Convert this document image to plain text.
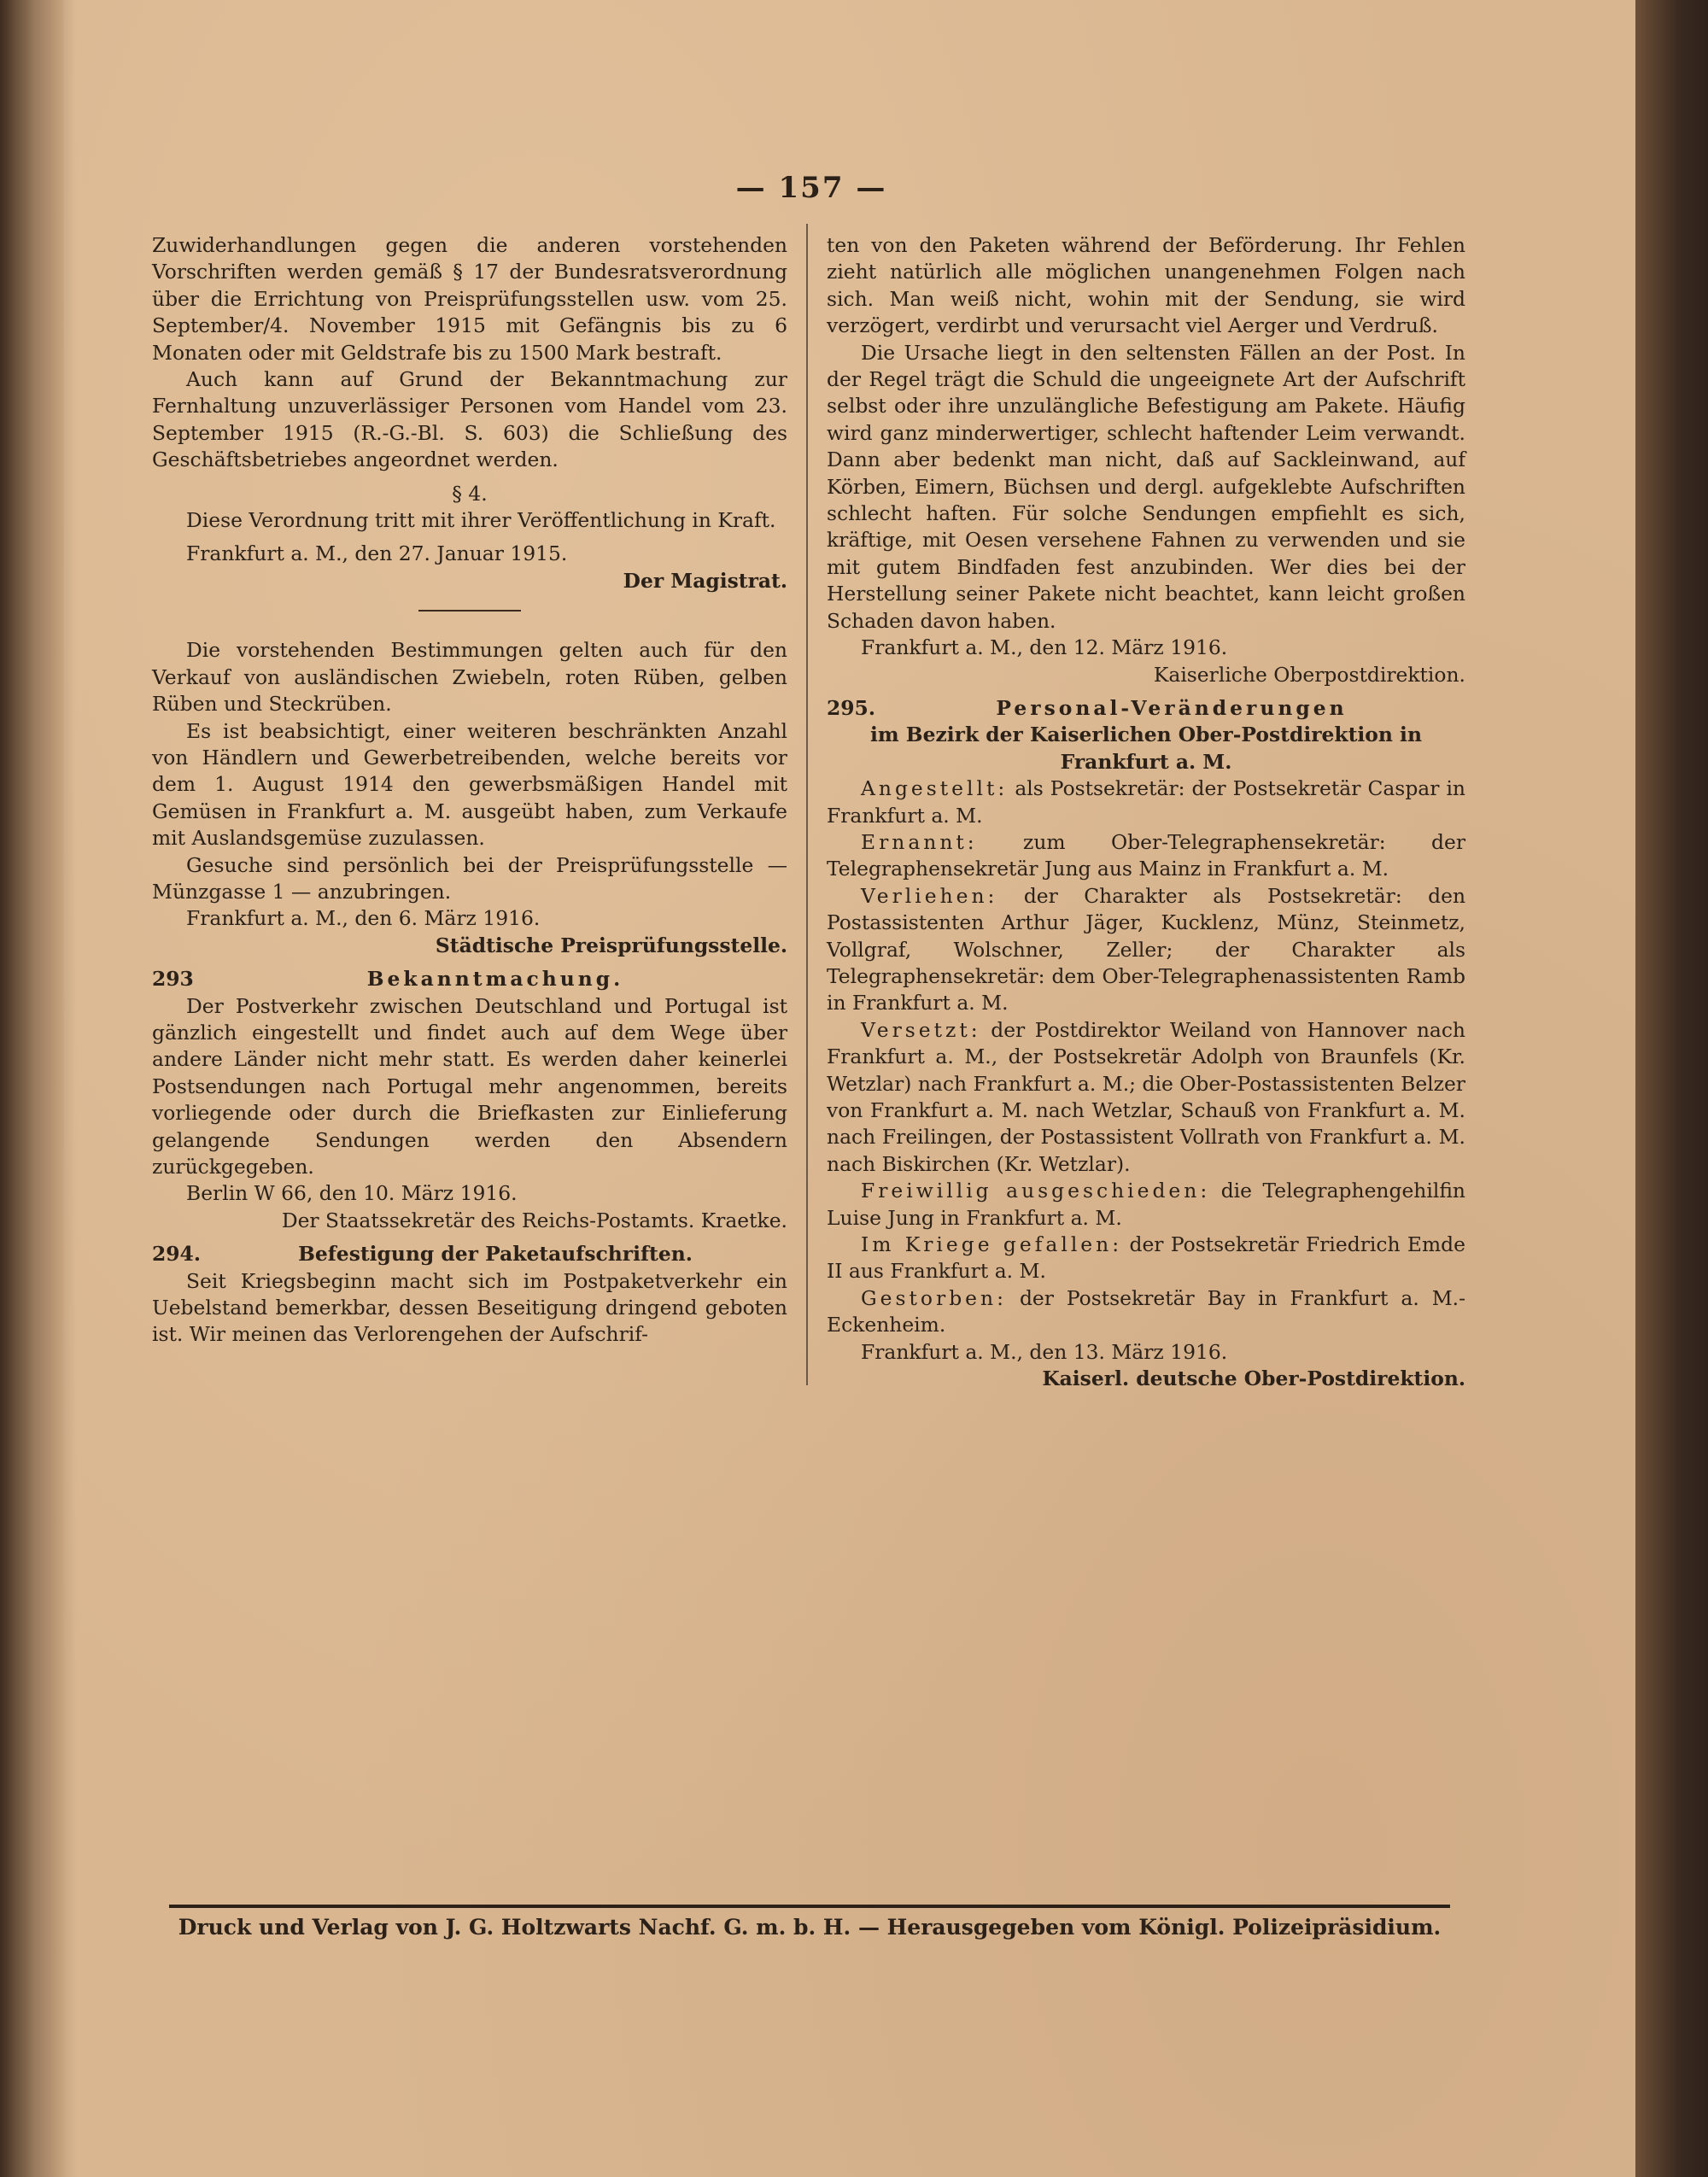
— 157 —

Zuwiderhandlungen gegen die anderen vorstehenden Vorschriften werden gemäß § 17 der Bundesratsverordnung über die Errichtung von Preisprüfungsstellen usw. vom 25. September/4. November 1915 mit Gefängnis bis zu 6 Monaten oder mit Geldstrafe bis zu 1500 Mark bestraft.

Auch kann auf Grund der Bekanntmachung zur Fernhaltung unzuverlässiger Personen vom Handel vom 23. September 1915 (R.-G.-Bl. S. 603) die Schließung des Geschäftsbetriebes angeordnet werden.

§ 4.

Diese Verordnung tritt mit ihrer Veröffentlichung in Kraft.

Frankfurt a. M., den 27. Januar 1915.

Der Magistrat.

Die vorstehenden Bestimmungen gelten auch für den Verkauf von ausländischen Zwiebeln, roten Rüben, gelben Rüben und Steckrüben.

Es ist beabsichtigt, einer weiteren beschränkten Anzahl von Händlern und Gewerbetreibenden, welche bereits vor dem 1. August 1914 den gewerbsmäßigen Handel mit Gemüsen in Frankfurt a. M. ausgeübt haben, zum Verkaufe mit Auslandsgemüse zuzulassen.

Gesuche sind persönlich bei der Preisprüfungsstelle — Münzgasse 1 — anzubringen.

Frankfurt a. M., den 6. März 1916.

Städtische Preisprüfungsstelle.

293	Bekanntmachung.

Der Postverkehr zwischen Deutschland und Portugal ist gänzlich eingestellt und findet auch auf dem Wege über andere Länder nicht mehr statt. Es werden daher keinerlei Postsendungen nach Portugal mehr angenommen, bereits vorliegende oder durch die Briefkasten zur Einlieferung gelangende Sendungen werden den Absendern zurückgegeben.

Berlin W 66, den 10. März 1916.

Der Staatssekretär des Reichs-Postamts. Kraetke.

294.	Befestigung der Paketaufschriften.

Seit Kriegsbeginn macht sich im Postpaketverkehr ein Uebelstand bemerkbar, dessen Beseitigung dringend geboten ist. Wir meinen das Verlorengehen der Aufschrif-

ten von den Paketen während der Beförderung. Ihr Fehlen zieht natürlich alle möglichen unangenehmen Folgen nach sich. Man weiß nicht, wohin mit der Sendung, sie wird verzögert, verdirbt und verursacht viel Aerger und Verdruß.

Die Ursache liegt in den seltensten Fällen an der Post. In der Regel trägt die Schuld die ungeeignete Art der Aufschrift selbst oder ihre unzulängliche Befestigung am Pakete. Häufig wird ganz minderwertiger, schlecht haftender Leim verwandt. Dann aber bedenkt man nicht, daß auf Sackleinwand, auf Körben, Eimern, Büchsen und dergl. aufgeklebte Aufschriften schlecht haften. Für solche Sendungen empfiehlt es sich, kräftige, mit Oesen versehene Fahnen zu verwenden und sie mit gutem Bindfaden fest anzubinden. Wer dies bei der Herstellung seiner Pakete nicht beachtet, kann leicht großen Schaden davon haben.

Frankfurt a. M., den 12. März 1916.

Kaiserliche Oberpostdirektion.

295.	Personal-Veränderungen

im Bezirk der Kaiserlichen Ober-Postdirektion in Frankfurt a. M.

Angestellt: als Postsekretär: der Postsekretär Caspar in Frankfurt a. M.

Ernannt: zum Ober-Telegraphensekretär: der Telegraphensekretär Jung aus Mainz in Frankfurt a. M.

Verliehen: der Charakter als Postsekretär: den Postassistenten Arthur Jäger, Kucklenz, Münz, Steinmetz, Vollgraf, Wolschner, Zeller; der Charakter als Telegraphensekretär: dem Ober-Telegraphenassistenten Ramb in Frankfurt a. M.

Versetzt: der Postdirektor Weiland von Hannover nach Frankfurt a. M., der Postsekretär Adolph von Braunfels (Kr. Wetzlar) nach Frankfurt a. M.; die Ober-Postassistenten Belzer von Frankfurt a. M. nach Wetzlar, Schauß von Frankfurt a. M. nach Freilingen, der Postassistent Vollrath von Frankfurt a. M. nach Biskirchen (Kr. Wetzlar).

Freiwillig ausgeschieden: die Telegraphengehilfin Luise Jung in Frankfurt a. M.

Im Kriege gefallen: der Postsekretär Friedrich Emde II aus Frankfurt a. M.

Gestorben: der Postsekretär Bay in Frankfurt a. M.-Eckenheim.

Frankfurt a. M., den 13. März 1916.

Kaiserl. deutsche Ober-Postdirektion.

Druck und Verlag von J. G. Holtzwarts Nachf. G. m. b. H. — Herausgegeben vom Königl. Polizeipräsidium.
